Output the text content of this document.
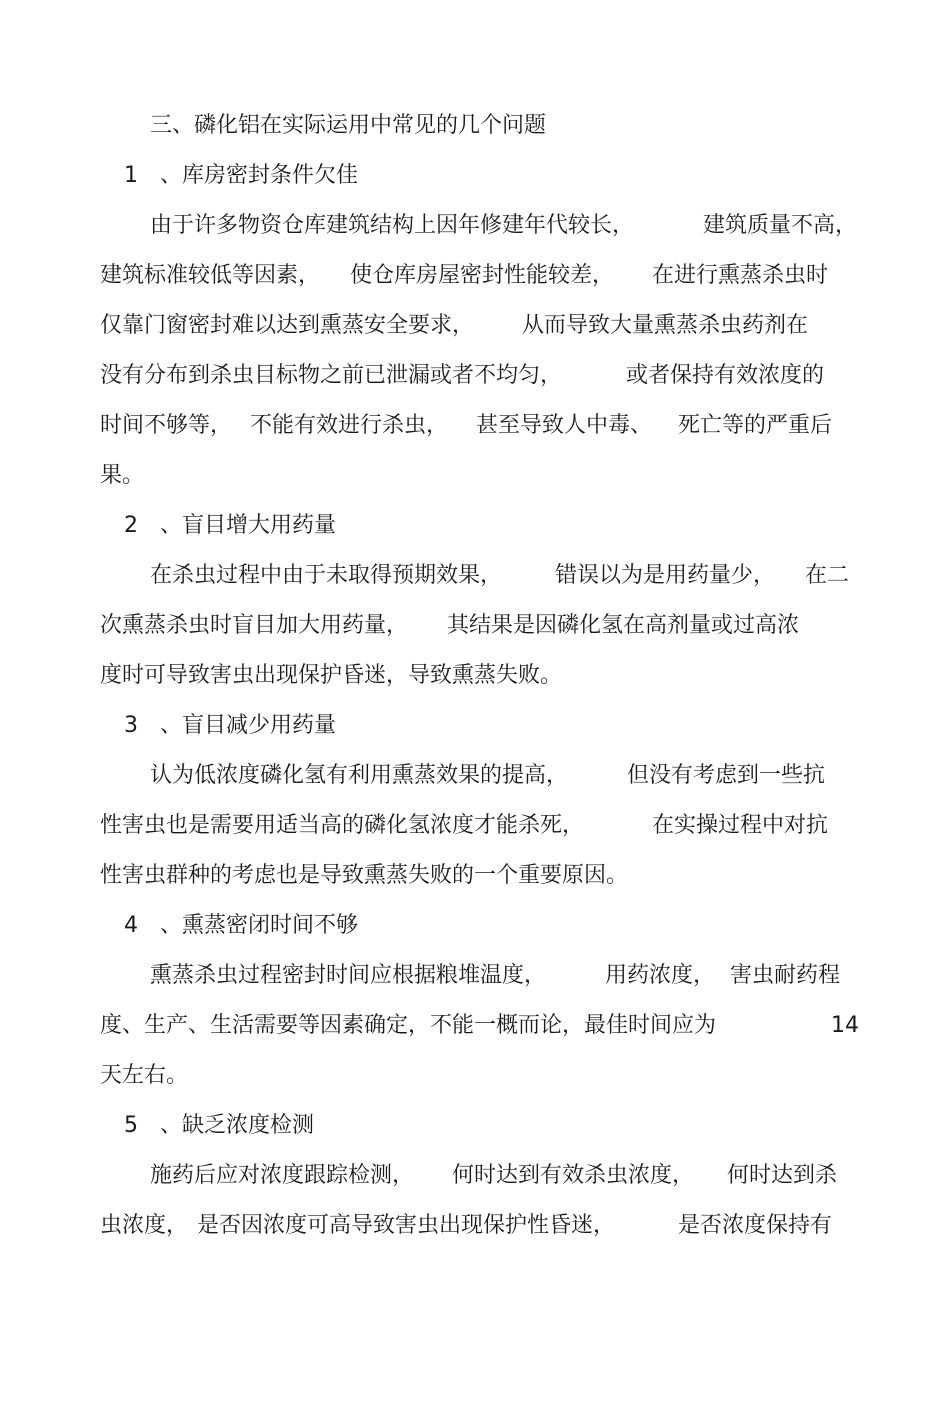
三、磷化铝在实际运用中常见的几个问题

1

、库房密封条件欠佳

由于许多物资仓库建筑结构上因年修建年代较长，

	建筑质量不高，

建筑标准较低等因素，

使仓库房屋密封性能较差，

在进行熏蒸杀虫时

仅靠门窗密封难以达到熏蒸安全要求，

从而导致大量熏蒸杀虫药剂在

没有分布到杀虫目标物之前已泄漏或者不均匀，

	或者保持有效浓度的

时间不够等，

不能有效进行杀虫，

甚至导致人中毒、

死亡等的严重后

果。

2

、盲目增大用药量

在杀虫过程中由于未取得预期效果，

错误以为是用药量少，

在二

次熏蒸杀虫时盲目加大用药量，

其结果是因磷化氢在高剂量或过高浓

度时可导致害虫出现保护昏迷，导致熏蒸失败。

3

、盲目减少用药量

认为低浓度磷化氢有利用熏蒸效果的提高，

	但没有考虑到一些抗

性害虫也是需要用适当高的磷化氢浓度才能杀死，

	在实操过程中对抗

性害虫群种的考虑也是导致熏蒸失败的一个重要原因。

4

、熏蒸密闭时间不够

熏蒸杀虫过程密封时间应根据粮堆温度，

	用药浓度，

害虫耐药程

度、生产、生活需要等因素确定，不能一概而论，最佳时间应为

	14

天左右。

5

、缺乏浓度检测

施药后应对浓度跟踪检测，

何时达到有效杀虫浓度，

何时达到杀

虫浓度，

是否因浓度可高导致害虫出现保护性昏迷，

	是否浓度保持有
